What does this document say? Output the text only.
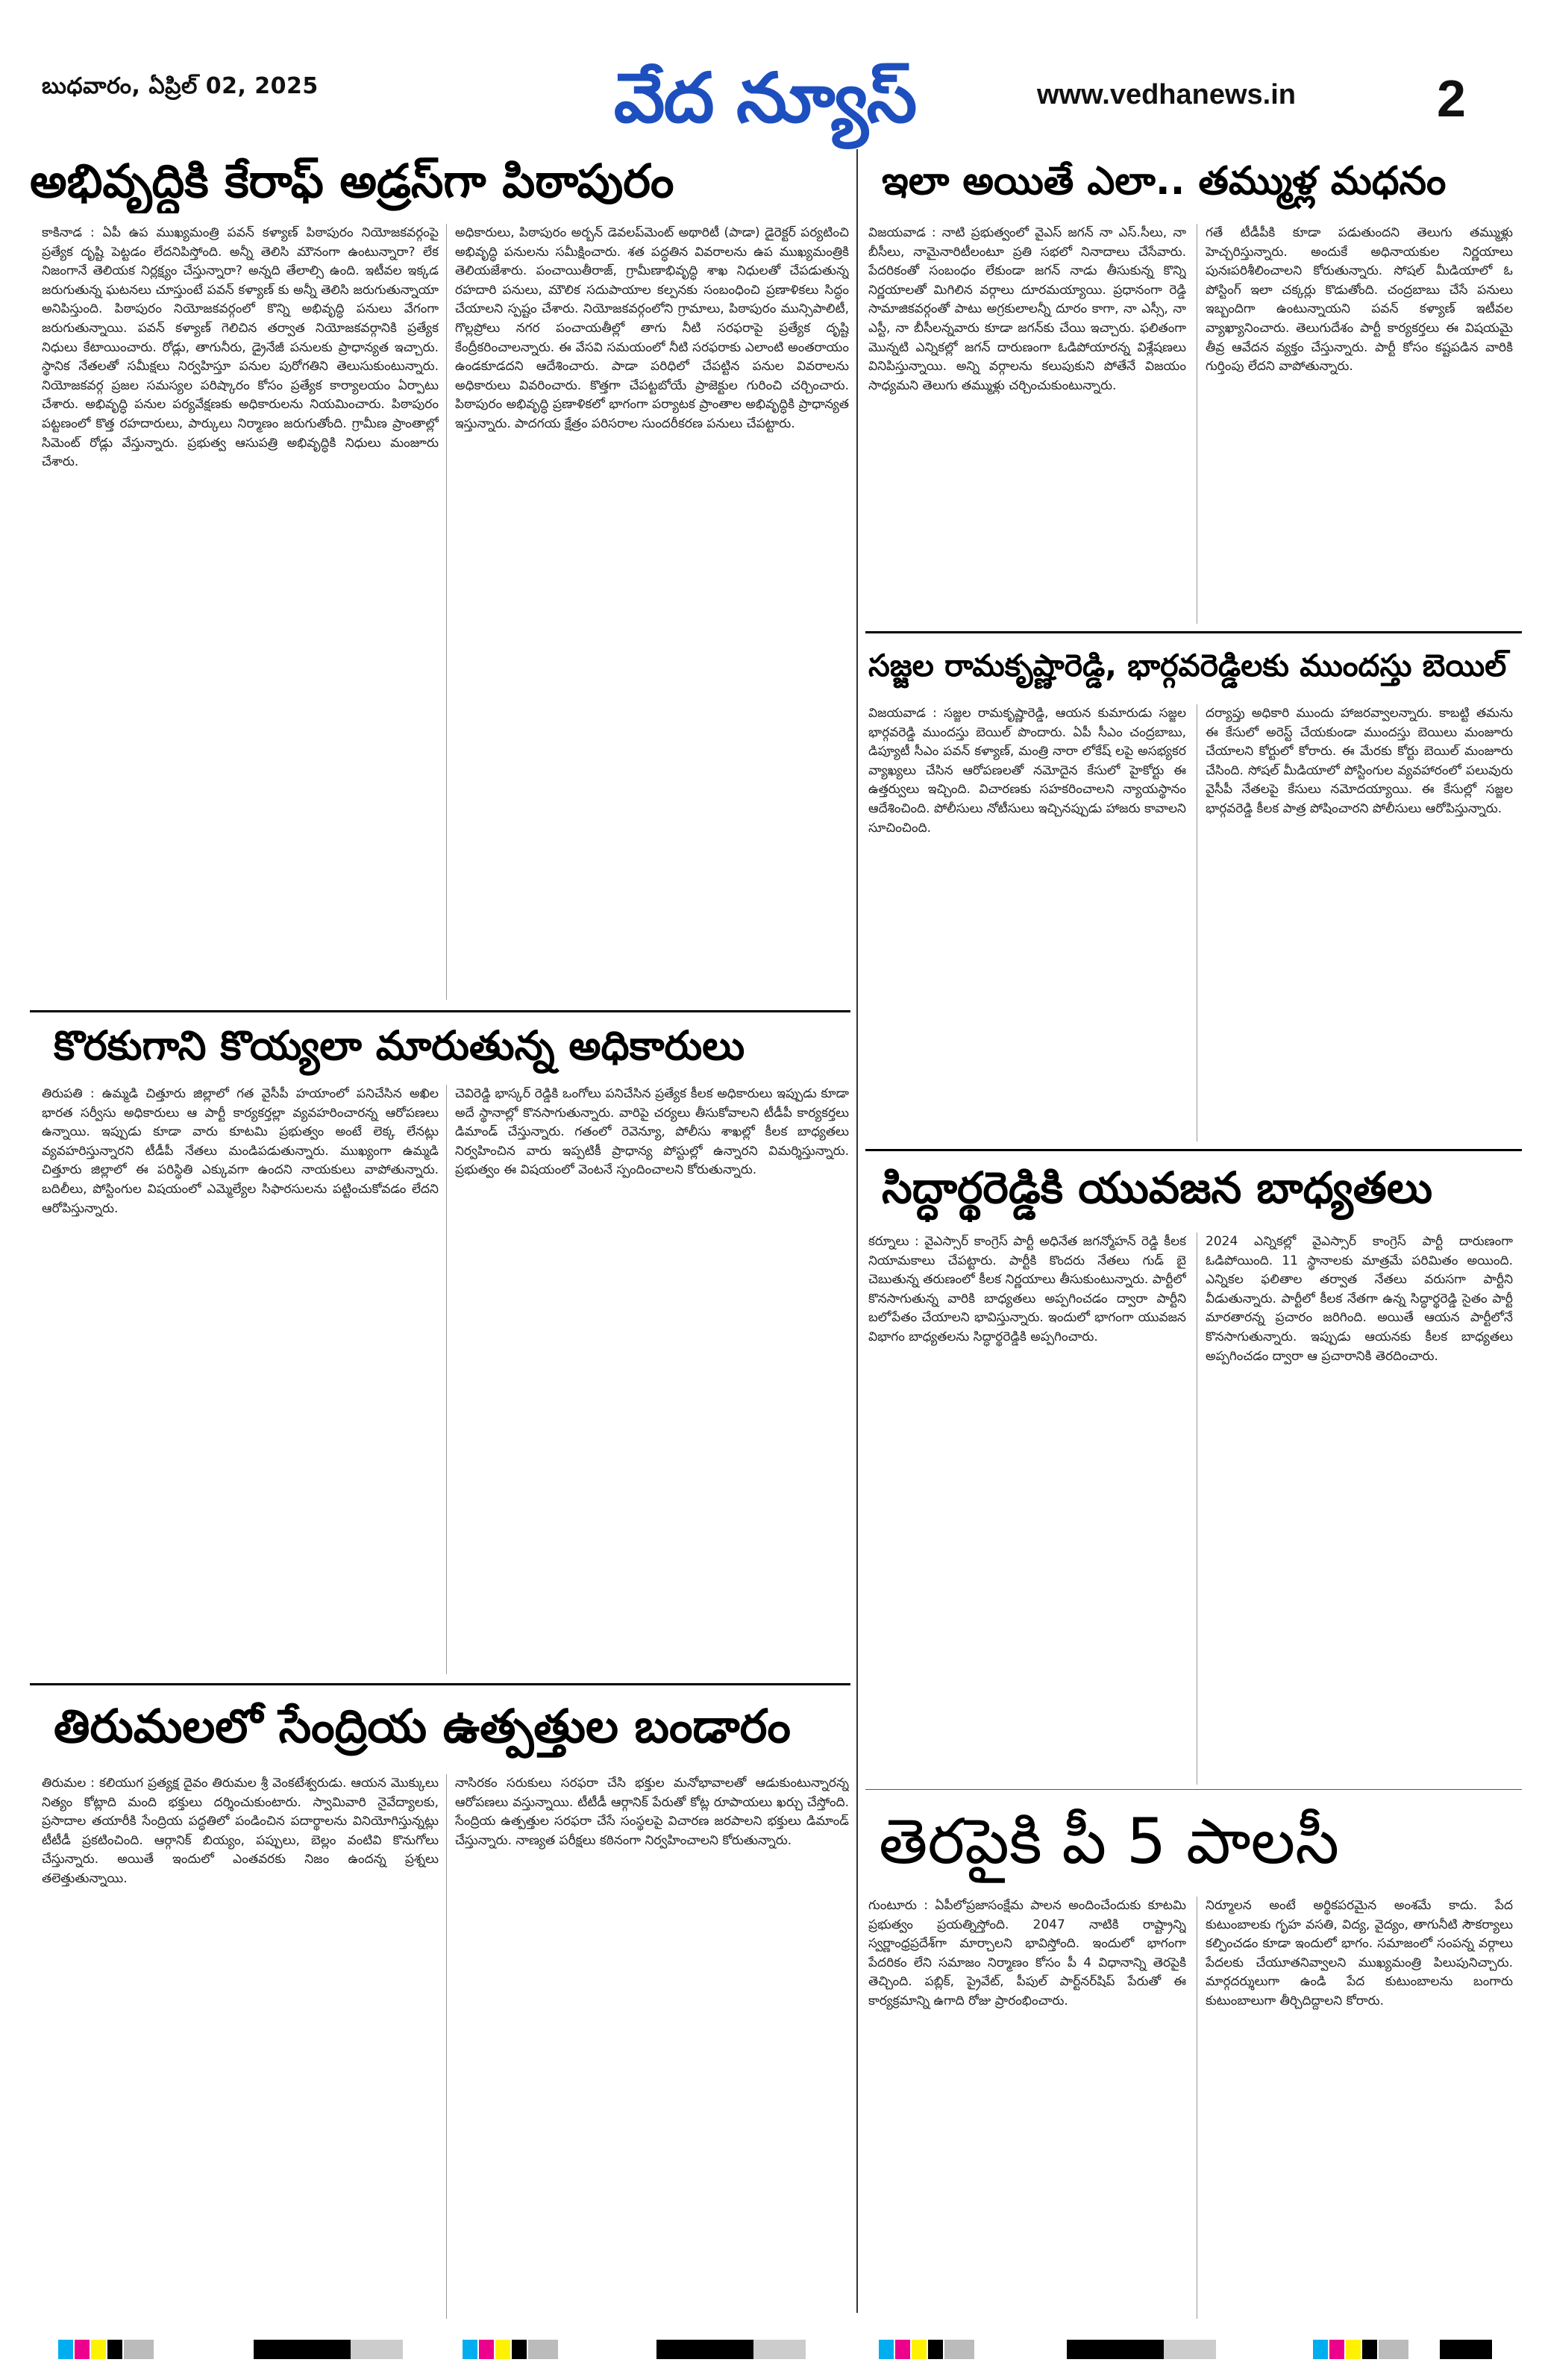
బుధవారం, ఏప్రిల్ 02, 2025	వేద న్యూస్	www.vedhanews.in	2
అభివృద్ధికి కేరాఫ్ అడ్రస్‌గా పిఠాపురం
కాకినాడ : ఏపీ ఉప ముఖ్యమంత్రి పవన్ కళ్యాణ్ పిఠాపురం నియోజకవర్గంపై ప్రత్యేక దృష్టి పెట్టడం లేదనిపిస్తోంది. అన్నీ తెలిసి మౌనంగా ఉంటున్నారా? లేక నిజంగానే తెలియక నిర్లక్ష్యం చేస్తున్నారా? అన్నది తేలాల్సి ఉంది. ఇటీవల ఇక్కడ జరుగుతున్న ఘటనలు చూస్తుంటే పవన్ కళ్యాణ్ కు అన్నీ తెలిసి జరుగుతున్నాయా అనిపిస్తుంది. పిఠాపురం నియోజకవర్గంలో కొన్ని అభివృద్ధి పనులు వేగంగా జరుగుతున్నాయి. పవన్ కళ్యాణ్ గెలిచిన తర్వాత నియోజకవర్గానికి ప్రత్యేక నిధులు కేటాయించారు. రోడ్లు, తాగునీరు, డ్రైనేజీ పనులకు ప్రాధాన్యత ఇచ్చారు. స్థానిక నేతలతో సమీక్షలు నిర్వహిస్తూ పనుల పురోగతిని తెలుసుకుంటున్నారు. నియోజకవర్గ ప్రజల సమస్యల పరిష్కారం కోసం ప్రత్యేక కార్యాలయం ఏర్పాటు చేశారు. అభివృద్ధి పనుల పర్యవేక్షణకు అధికారులను నియమించారు. పిఠాపురం పట్టణంలో కొత్త రహదారులు, పార్కులు నిర్మాణం జరుగుతోంది. గ్రామీణ ప్రాంతాల్లో సిమెంట్ రోడ్లు వేస్తున్నారు. ప్రభుత్వ ఆసుపత్రి అభివృద్ధికి నిధులు మంజూరు చేశారు.
అధికారులు, పిఠాపురం అర్బన్ డెవలప్‌మెంట్ అథారిటీ (పాడా) డైరెక్టర్ పర్యటించి అభివృద్ధి పనులను సమీక్షించారు. శత పద్ధతిన వివరాలను ఉప ముఖ్యమంత్రికి తెలియజేశారు. పంచాయితీరాజ్, గ్రామీణాభివృద్ధి శాఖ నిధులతో చేపడుతున్న రహదారి పనులు, మౌలిక సదుపాయాల కల్పనకు సంబంధించి ప్రణాళికలు సిద్ధం చేయాలని స్పష్టం చేశారు. నియోజకవర్గంలోని గ్రామాలు, పిఠాపురం మున్సిపాలిటీ, గొల్లప్రోలు నగర పంచాయతీల్లో తాగు నీటి సరఫరాపై ప్రత్యేక దృష్టి కేంద్రీకరించాలన్నారు. ఈ వేసవి సమయంలో నీటి సరఫరాకు ఎలాంటి అంతరాయం ఉండకూడదని ఆదేశించారు. పాడా పరిధిలో చేపట్టిన పనుల వివరాలను అధికారులు వివరించారు. కొత్తగా చేపట్టబోయే ప్రాజెక్టుల గురించి చర్చించారు. పిఠాపురం అభివృద్ధి ప్రణాళికలో భాగంగా పర్యాటక ప్రాంతాల అభివృద్ధికి ప్రాధాన్యత ఇస్తున్నారు. పాదగయ క్షేత్రం పరిసరాల సుందరీకరణ పనులు చేపట్టారు.
కొరకుగాని కొయ్యలా మారుతున్న అధికారులు
తిరుపతి : ఉమ్మడి చిత్తూరు జిల్లాలో గత వైసీపీ హయాంలో పనిచేసిన అఖిల భారత సర్వీసు అధికారులు ఆ పార్టీ కార్యకర్తల్లా వ్యవహరించారన్న ఆరోపణలు ఉన్నాయి. ఇప్పుడు కూడా వారు కూటమి ప్రభుత్వం అంటే లెక్క లేనట్లు వ్యవహరిస్తున్నారని టీడీపీ నేతలు మండిపడుతున్నారు. ముఖ్యంగా ఉమ్మడి చిత్తూరు జిల్లాలో ఈ పరిస్థితి ఎక్కువగా ఉందని నాయకులు వాపోతున్నారు. బదిలీలు, పోస్టింగుల విషయంలో ఎమ్మెల్యేల సిఫారసులను పట్టించుకోవడం లేదని ఆరోపిస్తున్నారు.
చెవిరెడ్డి భాస్కర్ రెడ్డికి ఒంగోలు పనిచేసిన ప్రత్యేక కీలక అధికారులు ఇప్పుడు కూడా అదే స్థానాల్లో కొనసాగుతున్నారు. వారిపై చర్యలు తీసుకోవాలని టీడీపీ కార్యకర్తలు డిమాండ్ చేస్తున్నారు. గతంలో రెవెన్యూ, పోలీసు శాఖల్లో కీలక బాధ్యతలు నిర్వహించిన వారు ఇప్పటికీ ప్రాధాన్య పోస్టుల్లో ఉన్నారని విమర్శిస్తున్నారు. ప్రభుత్వం ఈ విషయంలో వెంటనే స్పందించాలని కోరుతున్నారు.
తిరుమలలో సేంద్రియ ఉత్పత్తుల బండారం
తిరుమల : కలియుగ ప్రత్యక్ష దైవం తిరుమల శ్రీ వెంకటేశ్వరుడు. ఆయన మొక్కులు నిత్యం కోట్లాది మంది భక్తులు దర్శించుకుంటారు. స్వామివారి నైవేద్యాలకు, ప్రసాదాల తయారీకి సేంద్రియ పద్ధతిలో పండించిన పదార్థాలను వినియోగిస్తున్నట్లు టీటీడీ ప్రకటించింది. ఆర్గానిక్ బియ్యం, పప్పులు, బెల్లం వంటివి కొనుగోలు చేస్తున్నారు. అయితే ఇందులో ఎంతవరకు నిజం ఉందన్న ప్రశ్నలు తలెత్తుతున్నాయి.
నాసిరకం సరుకులు సరఫరా చేసి భక్తుల మనోభావాలతో ఆడుకుంటున్నారన్న ఆరోపణలు వస్తున్నాయి. టీటీడీ ఆర్గానిక్ పేరుతో కోట్ల రూపాయలు ఖర్చు చేస్తోంది. సేంద్రియ ఉత్పత్తుల సరఫరా చేసే సంస్థలపై విచారణ జరపాలని భక్తులు డిమాండ్ చేస్తున్నారు. నాణ్యత పరీక్షలు కఠినంగా నిర్వహించాలని కోరుతున్నారు.
ఇలా అయితే ఎలా.. తమ్ముళ్ల మధనం
విజయవాడ : నాటి ప్రభుత్వంలో వైఎస్ జగన్ నా ఎస్.సీలు, నా బీసీలు, నామైనారిటీలంటూ ప్రతి సభలో నినాదాలు చేసేవారు. పేదరికంతో సంబంధం లేకుండా జగన్ నాడు తీసుకున్న కొన్ని నిర్ణయాలతో మిగిలిన వర్గాలు దూరమయ్యాయి. ప్రధానంగా రెడ్డి సామాజికవర్గంతో పాటు అగ్రకులాలన్నీ దూరం కాగా, నా ఎస్సీ, నా ఎస్టీ, నా బీసీలన్నవారు కూడా జగన్‌కు చేయి ఇచ్చారు. ఫలితంగా మొన్నటి ఎన్నికల్లో జగన్ దారుణంగా ఓడిపోయారన్న విశ్లేషణలు వినిపిస్తున్నాయి. అన్ని వర్గాలను కలుపుకుని పోతేనే విజయం సాధ్యమని తెలుగు తమ్ముళ్లు చర్చించుకుంటున్నారు.
గతే టీడీపీకి కూడా పడుతుందని తెలుగు తమ్ముళ్లు హెచ్చరిస్తున్నారు. అందుకే అధినాయకుల నిర్ణయాలు పునఃపరిశీలించాలని కోరుతున్నారు. సోషల్ మీడియాలో ఓ పోస్టింగ్ ఇలా చక్కర్లు కొడుతోంది. చంద్రబాబు చేసే పనులు ఇబ్బందిగా ఉంటున్నాయని పవన్ కళ్యాణ్ ఇటీవల వ్యాఖ్యానించారు. తెలుగుదేశం పార్టీ కార్యకర్తలు ఈ విషయమై తీవ్ర ఆవేదన వ్యక్తం చేస్తున్నారు. పార్టీ కోసం కష్టపడిన వారికి గుర్తింపు లేదని వాపోతున్నారు.
సజ్జల రామకృష్ణారెడ్డి, భార్గవరెడ్డిలకు ముందస్తు బెయిల్
విజయవాడ : సజ్జల రామకృష్ణారెడ్డి, ఆయన కుమారుడు సజ్జల భార్గవరెడ్డి ముందస్తు బెయిల్ పొందారు. ఏపీ సీఎం చంద్రబాబు, డిప్యూటీ సీఎం పవన్ కళ్యాణ్, మంత్రి నారా లోకేష్ లపై అసభ్యకర వ్యాఖ్యలు చేసిన ఆరోపణలతో నమోదైన కేసులో హైకోర్టు ఈ ఉత్తర్వులు ఇచ్చింది. విచారణకు సహకరించాలని న్యాయస్థానం ఆదేశించింది. పోలీసులు నోటీసులు ఇచ్చినప్పుడు హాజరు కావాలని సూచించింది.
దర్యాప్తు అధికారి ముందు హాజరవ్వాలన్నారు. కాబట్టి తమను ఈ కేసులో అరెస్ట్ చేయకుండా ముందస్తు బెయిలు మంజూరు చేయాలని కోర్టులో కోరారు. ఈ మేరకు కోర్టు బెయిల్ మంజూరు చేసింది. సోషల్ మీడియాలో పోస్టింగుల వ్యవహారంలో పలువురు వైసీపీ నేతలపై కేసులు నమోదయ్యాయి. ఈ కేసుల్లో సజ్జల భార్గవరెడ్డి కీలక పాత్ర పోషించారని పోలీసులు ఆరోపిస్తున్నారు.
సిద్ధార్థరెడ్డికి యువజన బాధ్యతలు
కర్నూలు : వైఎస్సార్ కాంగ్రెస్ పార్టీ అధినేత జగన్మోహన్ రెడ్డి కీలక నియామకాలు చేపట్టారు. పార్టీకి కొందరు నేతలు గుడ్ బై చెబుతున్న తరుణంలో కీలక నిర్ణయాలు తీసుకుంటున్నారు. పార్టీలో కొనసాగుతున్న వారికి బాధ్యతలు అప్పగించడం ద్వారా పార్టీని బలోపేతం చేయాలని భావిస్తున్నారు. ఇందులో భాగంగా యువజన విభాగం బాధ్యతలను సిద్ధార్థరెడ్డికి అప్పగించారు.
2024 ఎన్నికల్లో వైఎస్సార్ కాంగ్రెస్ పార్టీ దారుణంగా ఓడిపోయింది. 11 స్థానాలకు మాత్రమే పరిమితం అయింది. ఎన్నికల ఫలితాల తర్వాత నేతలు వరుసగా పార్టీని వీడుతున్నారు. పార్టీలో కీలక నేతగా ఉన్న సిద్ధార్థరెడ్డి సైతం పార్టీ మారతారన్న ప్రచారం జరిగింది. అయితే ఆయన పార్టీలోనే కొనసాగుతున్నారు. ఇప్పుడు ఆయనకు కీలక బాధ్యతలు అప్పగించడం ద్వారా ఆ ప్రచారానికి తెరదించారు.
తెరపైకి పీ 5 పాలసీ
గుంటూరు : ఏపీలోప్రజాసంక్షేమ పాలన అందించేందుకు కూటమి ప్రభుత్వం ప్రయత్నిస్తోంది. 2047 నాటికి రాష్ట్రాన్ని స్వర్ణాంధ్రప్రదేశ్‌గా మార్చాలని భావిస్తోంది. ఇందులో భాగంగా పేదరికం లేని సమాజం నిర్మాణం కోసం పీ 4 విధానాన్ని తెరపైకి తెచ్చింది. పబ్లిక్, ప్రైవేట్, పీపుల్ పార్ట్‌నర్‌షిప్ పేరుతో ఈ కార్యక్రమాన్ని ఉగాది రోజు ప్రారంభించారు.
నిర్మూలన అంటే అర్థికపరమైన అంశమే కాదు. పేద కుటుంబాలకు గృహ వసతి, విద్య, వైద్యం, తాగునీటి సౌకర్యాలు కల్పించడం కూడా ఇందులో భాగం. సమాజంలో సంపన్న వర్గాలు పేదలకు చేయూతనివ్వాలని ముఖ్యమంత్రి పిలుపునిచ్చారు. మార్గదర్శులుగా ఉండి పేద కుటుంబాలను బంగారు కుటుంబాలుగా తీర్చిదిద్దాలని కోరారు.
